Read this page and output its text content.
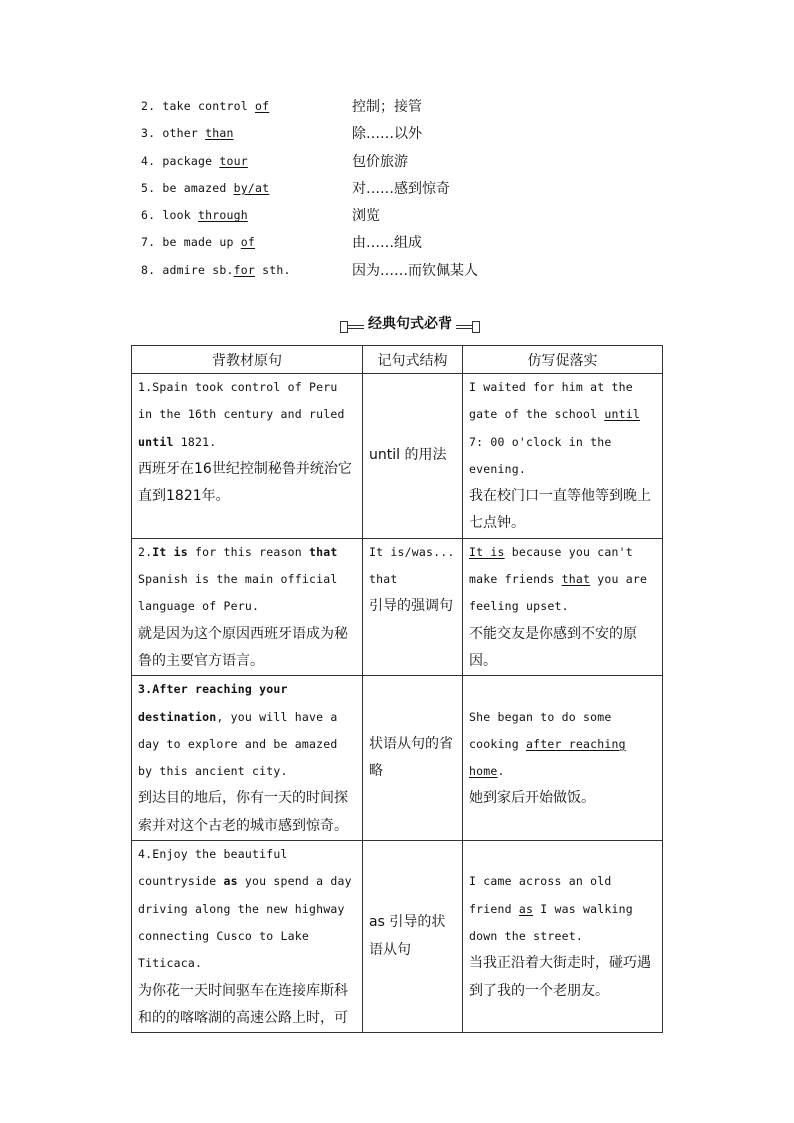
2. take control of	控制；接管
3. other than	除……以外
4. package tour	包价旅游
5. be amazed by/at	对……感到惊奇
6. look through	浏览
7. be made up of	由……组成
8. admire sb.for sth.	因为……而钦佩某人
经典句式必背
背教材原句	记句式结构	仿写促落实

1.Spain took control of Peru in the 16th century and ruled until 1821.
西班牙在16世纪控制秘鲁并统治它直到1821年。	until 的用法	I waited for him at the gate of the school until 7: 00 o'clock in the evening.
我在校门口一直等他等到晚上七点钟。

2.It is for this reason that Spanish is the main official language of Peru.
就是因为这个原因西班牙语成为秘鲁的主要官方语言。	It is/was...that
引导的强调句	It is because you can't make friends that you are feeling upset.
不能交友是你感到不安的原因。

3.After reaching your destination, you will have a day to explore and be amazed by this ancient city.
到达目的地后，你有一天的时间探索并对这个古老的城市感到惊奇。	状语从句的省略	She began to do some cooking after reaching home.
她到家后开始做饭。

4.Enjoy the beautiful countryside as you spend a day driving along the new highway connecting Cusco to Lake Titicaca.
为你花一天时间驱车在连接库斯科和的的喀喀湖的高速公路上时，可	as 引导的状语从句	I came across an old friend as I was walking down the street.
当我正沿着大街走时，碰巧遇到了我的一个老朋友。
